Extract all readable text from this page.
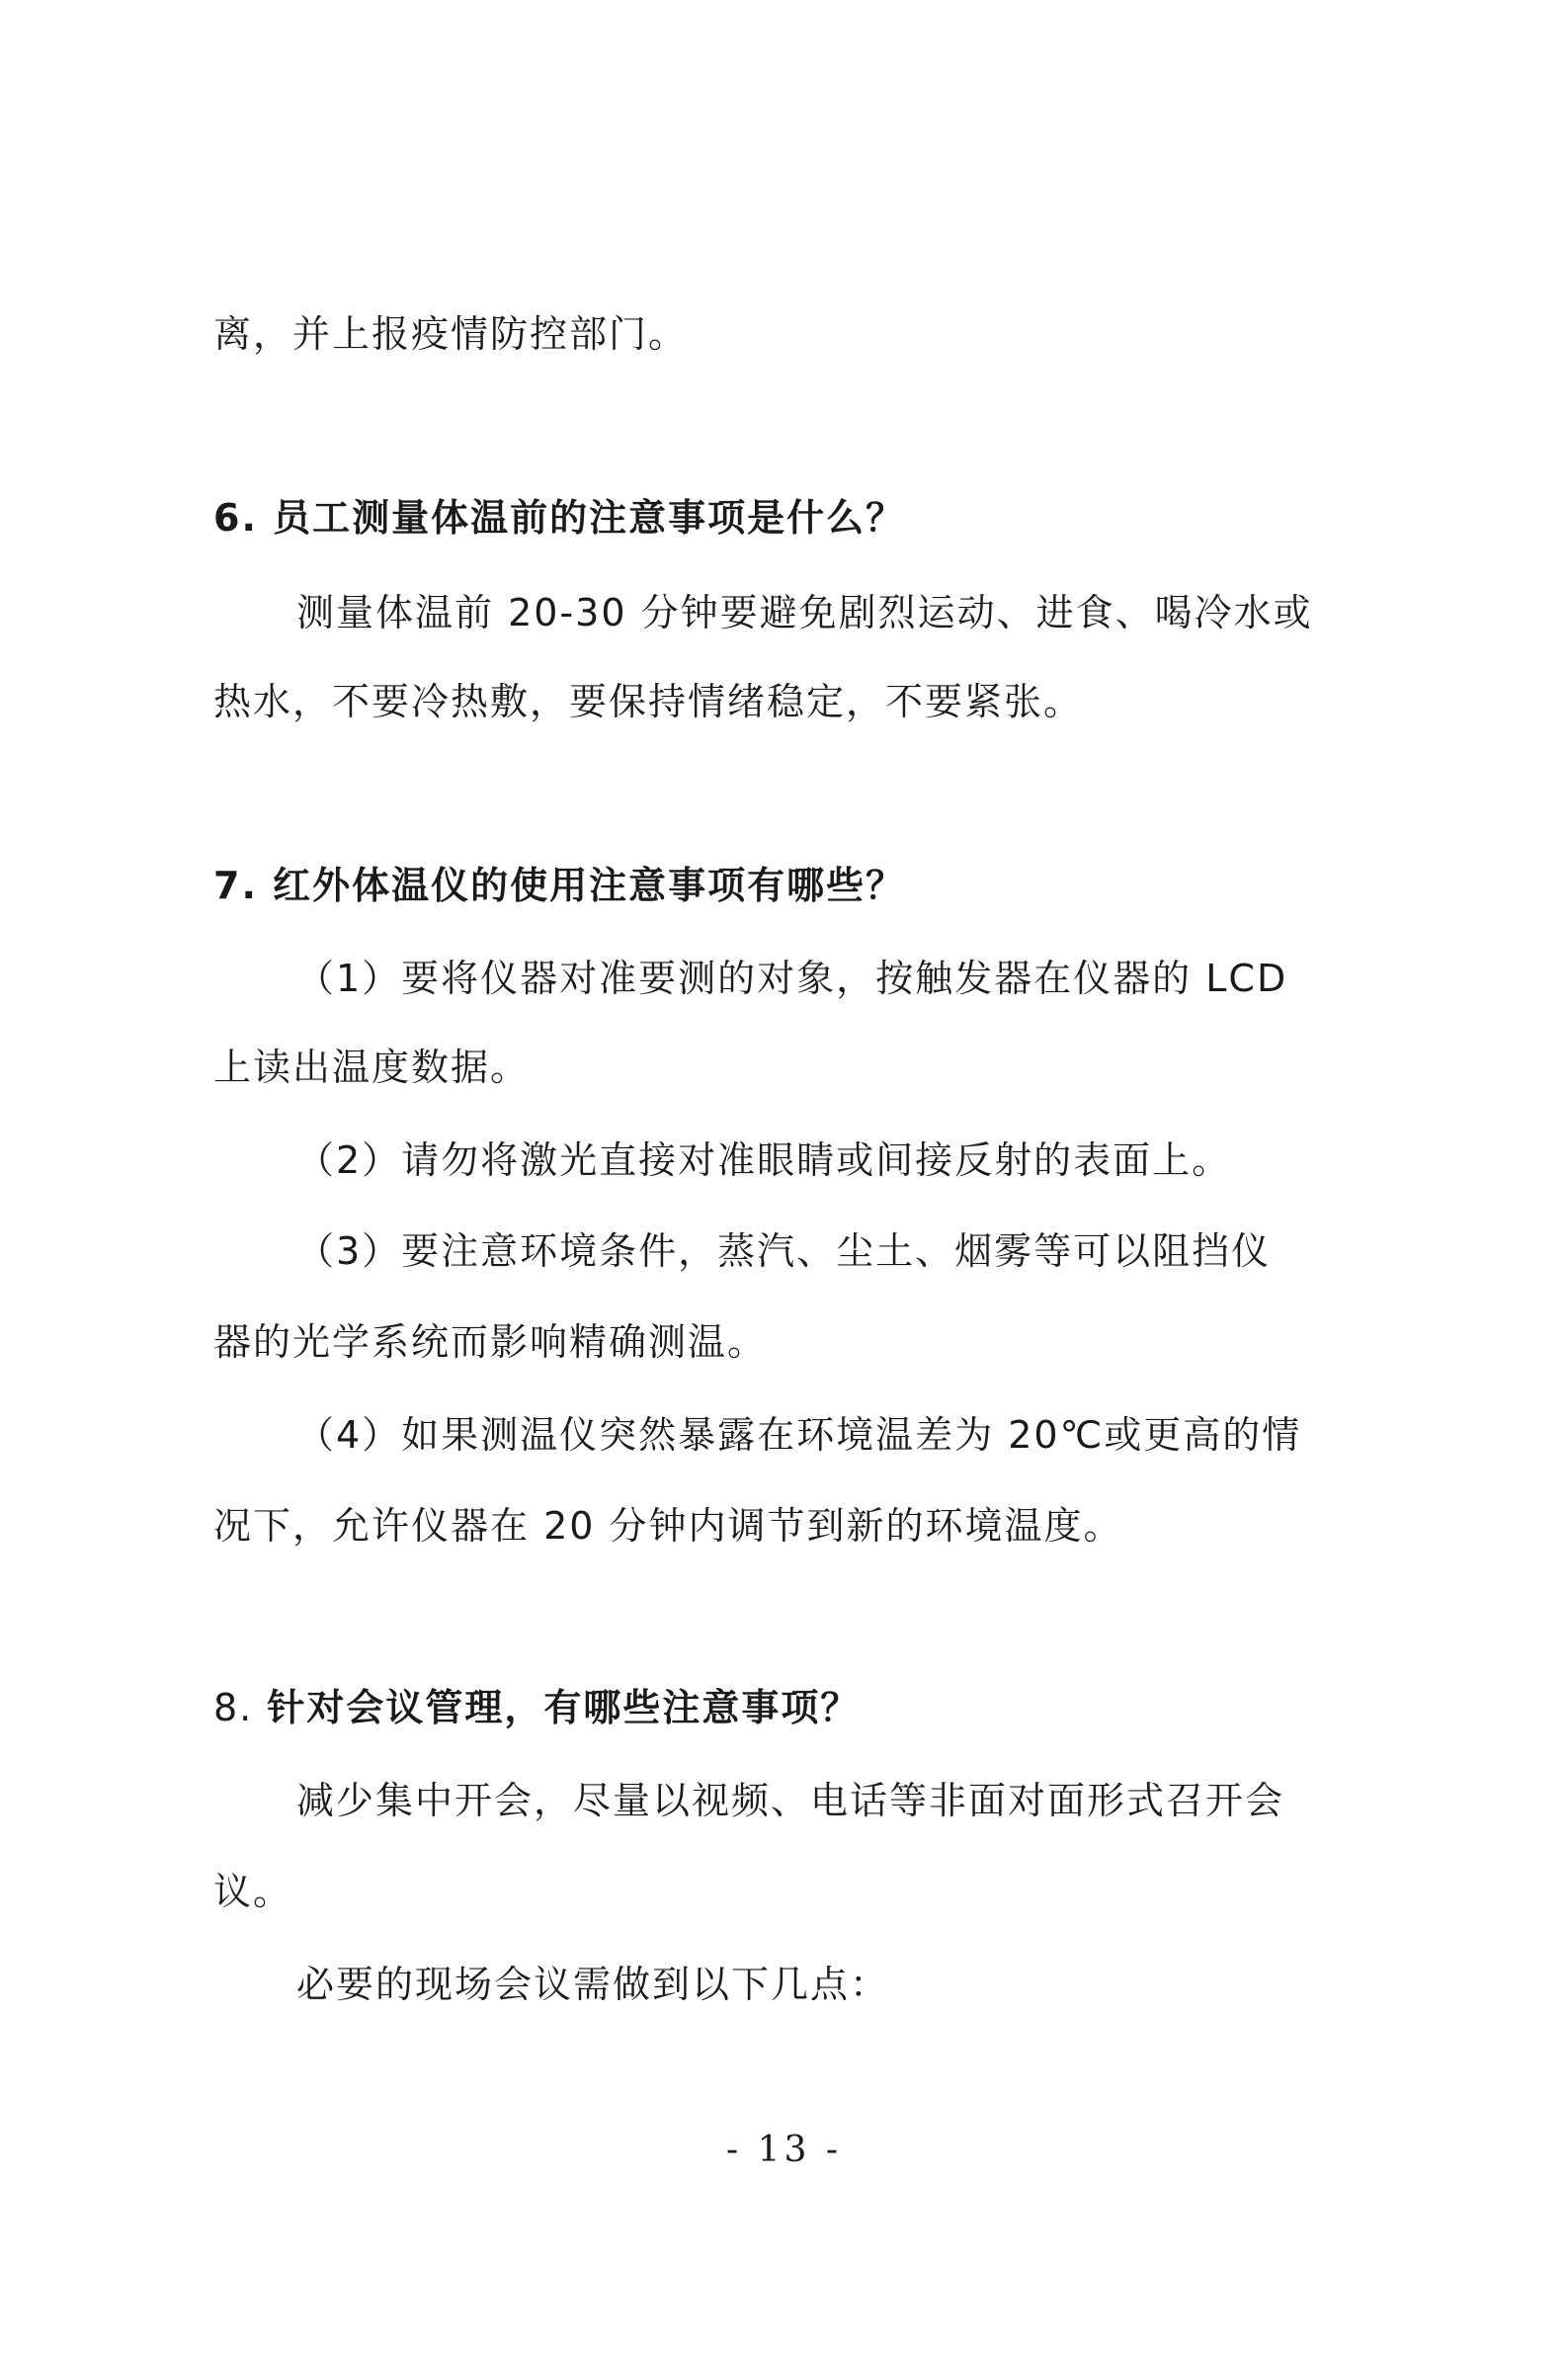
离，并上报疫情防控部门。
6. 员工测量体温前的注意事项是什么？
测量体温前 20-30 分钟要避免剧烈运动、进食、喝冷水或
热水，不要冷热敷，要保持情绪稳定，不要紧张。
7. 红外体温仪的使用注意事项有哪些？
（1）要将仪器对准要测的对象，按触发器在仪器的 LCD
上读出温度数据。
（2）请勿将激光直接对准眼睛或间接反射的表面上。
（3）要注意环境条件，蒸汽、尘土、烟雾等可以阻挡仪
器的光学系统而影响精确测温。
（4）如果测温仪突然暴露在环境温差为 20℃或更高的情
况下，允许仪器在 20 分钟内调节到新的环境温度。
8. 针对会议管理，有哪些注意事项？
减少集中开会，尽量以视频、电话等非面对面形式召开会
议。
必要的现场会议需做到以下几点：
- 13 -
